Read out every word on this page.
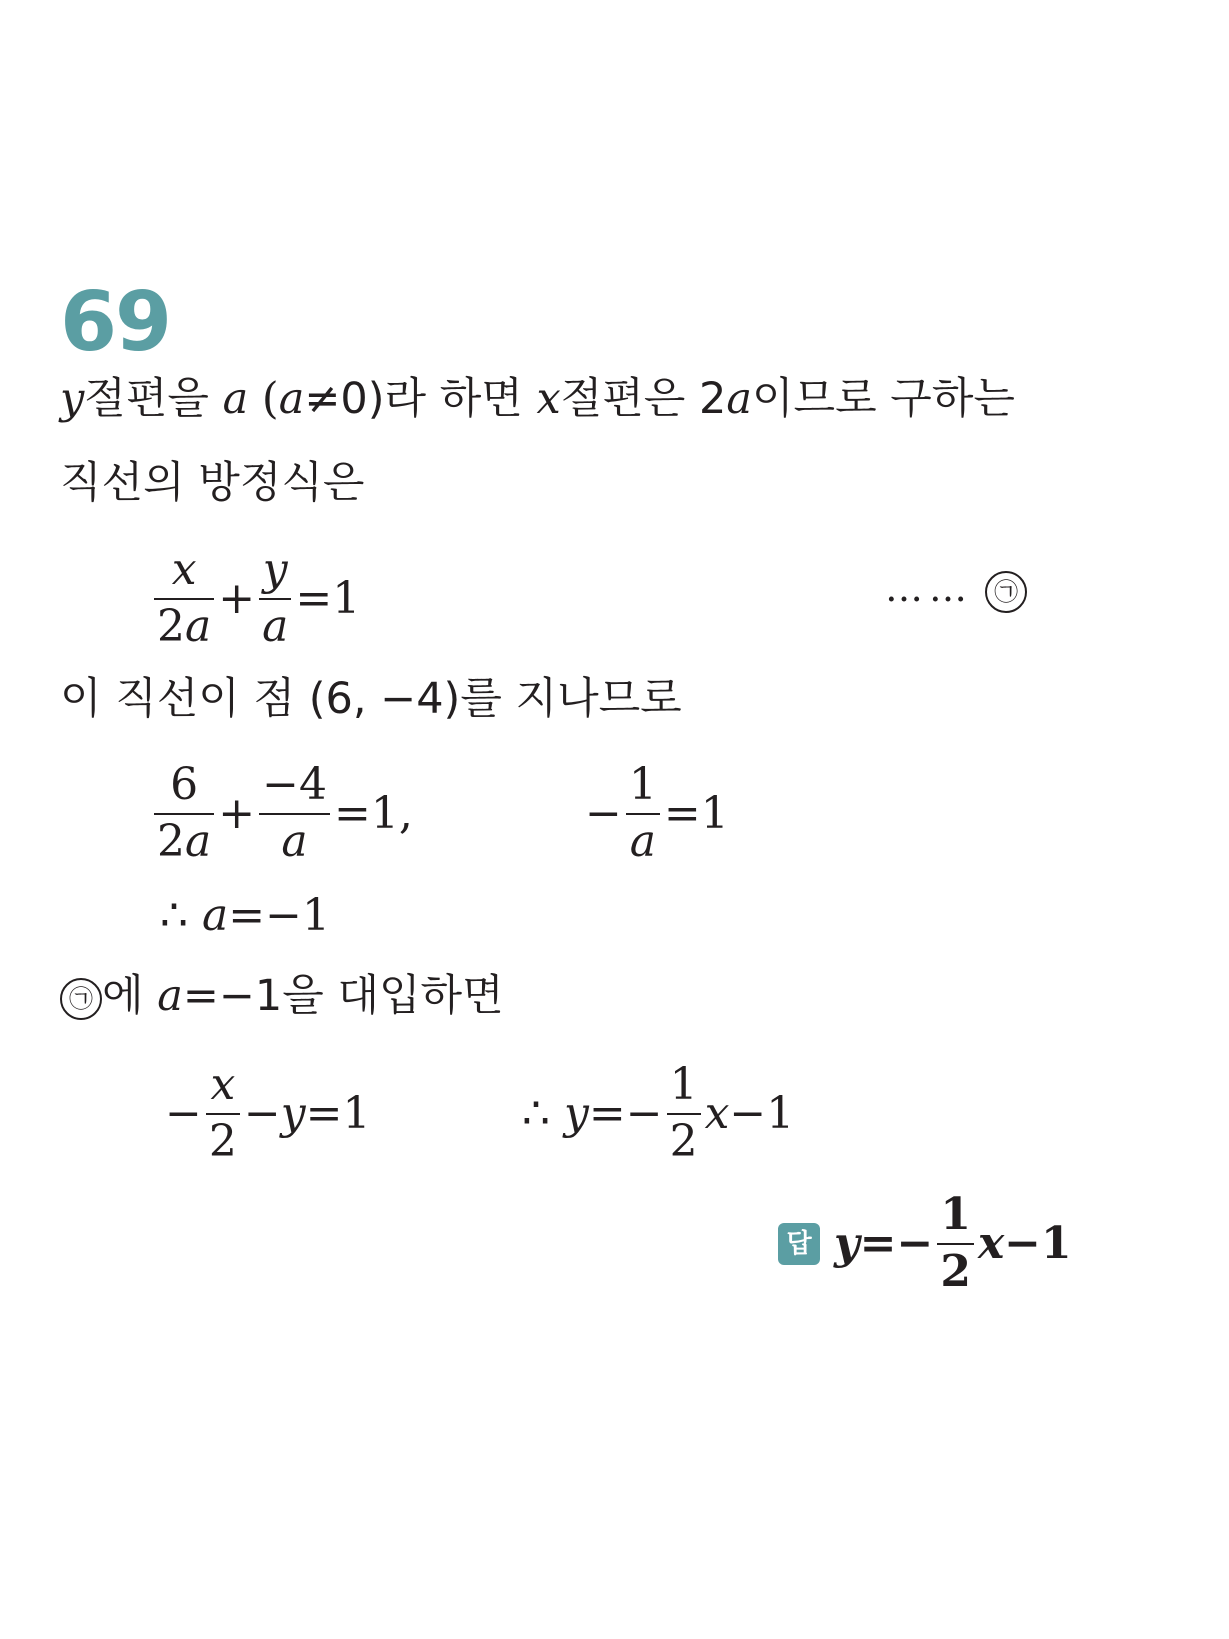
69
y절편을 a (a≠0)라 하면 x절편은 2a이므로 구하는
직선의 방정식은
$\frac{x}{2a} + \frac{y}{a} =1$	…… ㉠
이 직선이 점 (6, −4)를 지나므로
$\frac{6}{2a} + \frac{-4}{a} =1$,	− $\frac{1}{a} =1$
∴
a =−1
㉠ 에 a=−1을 대입하면
− $\frac{x}{2} - y =1$	∴
$y =- \frac{1}{2}$ x −1
답 $y =- \frac{1}{2}$ x −1
